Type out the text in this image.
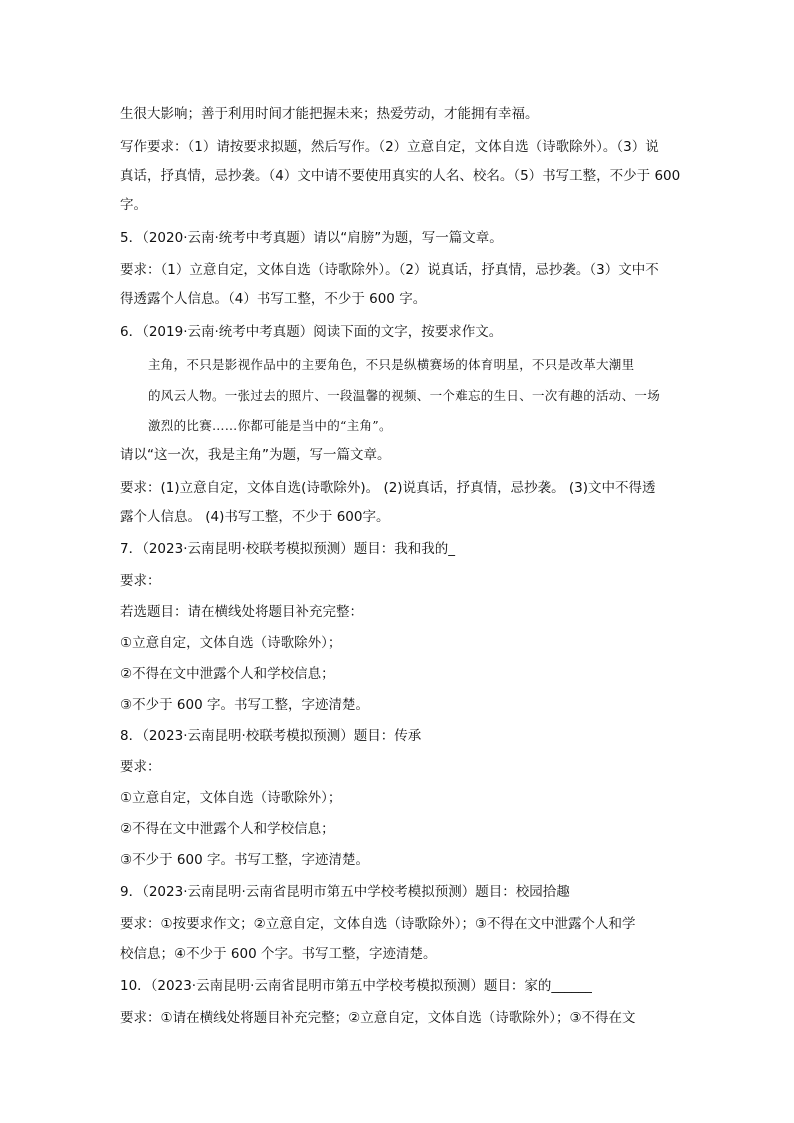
生很大影响；善于利用时间才能把握未来；热爱劳动，才能拥有幸福。
写作要求：（1）请按要求拟题，然后写作。（2）立意自定，文体自选（诗歌除外）。（3）说
真话，抒真情，忌抄袭。（4）文中请不要使用真实的人名、校名。（5）书写工整，不少于 600
字。
5．（2020·云南·统考中考真题）请以“肩膀”为题，写一篇文章。
要求：（1）立意自定，文体自选（诗歌除外）。（2）说真话，抒真情，忌抄袭。（3）文中不
得透露个人信息。（4）书写工整，不少于 600 字。
6．（2019·云南·统考中考真题）阅读下面的文字，按要求作文。
主角，不只是影视作品中的主要角色，不只是纵横赛场的体育明星，不只是改革大潮里
的风云人物。一张过去的照片、一段温馨的视频、一个难忘的生日、一次有趣的活动、一场
激烈的比赛……你都可能是当中的“主角”。
请以“这一次，我是主角”为题，写一篇文章。
要求：(1)立意自定，文体自选(诗歌除外)。 (2)说真话，抒真情，忌抄袭。 (3)文中不得透
露个人信息。 (4)书写工整，不少于 600字。
7．（2023·云南昆明·校联考模拟预测）题目：我和我的_
要求：
若选题目：请在横线处将题目补充完整：
①立意自定，文体自选（诗歌除外）；
②不得在文中泄露个人和学校信息；
③不少于 600 字。书写工整，字迹清楚。
8．（2023·云南昆明·校联考模拟预测）题目：传承
要求：
①立意自定，文体自选（诗歌除外）；
②不得在文中泄露个人和学校信息；
③不少于 600 字。书写工整，字迹清楚。
9．（2023·云南昆明·云南省昆明市第五中学校考模拟预测）题目：校园拾趣
要求：①按要求作文；②立意自定，文体自选（诗歌除外）；③不得在文中泄露个人和学
校信息；④不少于 600 个字。书写工整，字迹清楚。
10．（2023·云南昆明·云南省昆明市第五中学校考模拟预测）题目：家的______
要求：①请在横线处将题目补充完整；②立意自定，文体自选（诗歌除外）；③不得在文
